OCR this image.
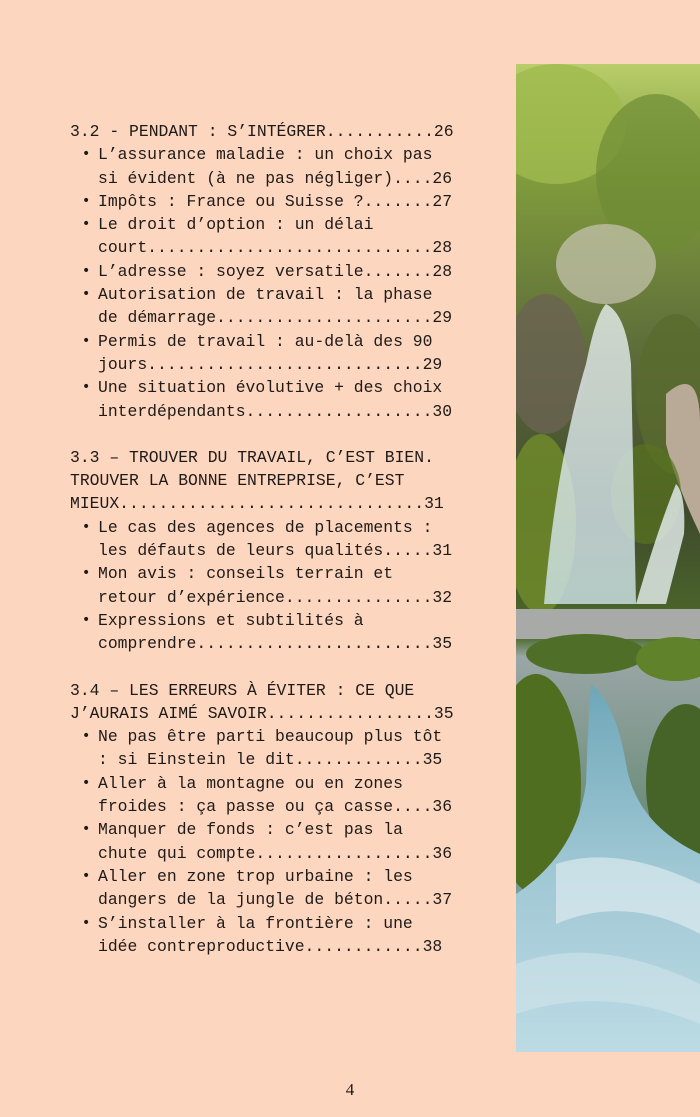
3.2 - PENDANT : S’INTÉGRER...........26
• L’assurance maladie : un choix pas
si évident (à ne pas négliger)....26
• Impôts : France ou Suisse ?.......27
• Le droit d’option : un délai
court.............................28
• L’adresse : soyez versatile.......28
• Autorisation de travail : la phase
de démarrage......................29
• Permis de travail : au-delà des 90
jours............................29
• Une situation évolutive + des choix
interdépendants...................30
3.3 – TROUVER DU TRAVAIL, C’EST BIEN.
TROUVER LA BONNE ENTREPRISE, C’EST
MIEUX...............................31
• Le cas des agences de placements :
les défauts de leurs qualités.....31
• Mon avis : conseils terrain et
retour d’expérience...............32
• Expressions et subtilités à
comprendre........................35
3.4 – LES ERREURS À ÉVITER : CE QUE
J’AURAIS AIMÉ SAVOIR.................35
• Ne pas être parti beaucoup plus tôt
: si Einstein le dit.............35
• Aller à la montagne ou en zones
froides : ça passe ou ça casse....36
• Manquer de fonds : c’est pas la
chute qui compte..................36
• Aller en zone trop urbaine : les
dangers de la jungle de béton.....37
• S’installer à la frontière : une
idée contreproductive............38
4
